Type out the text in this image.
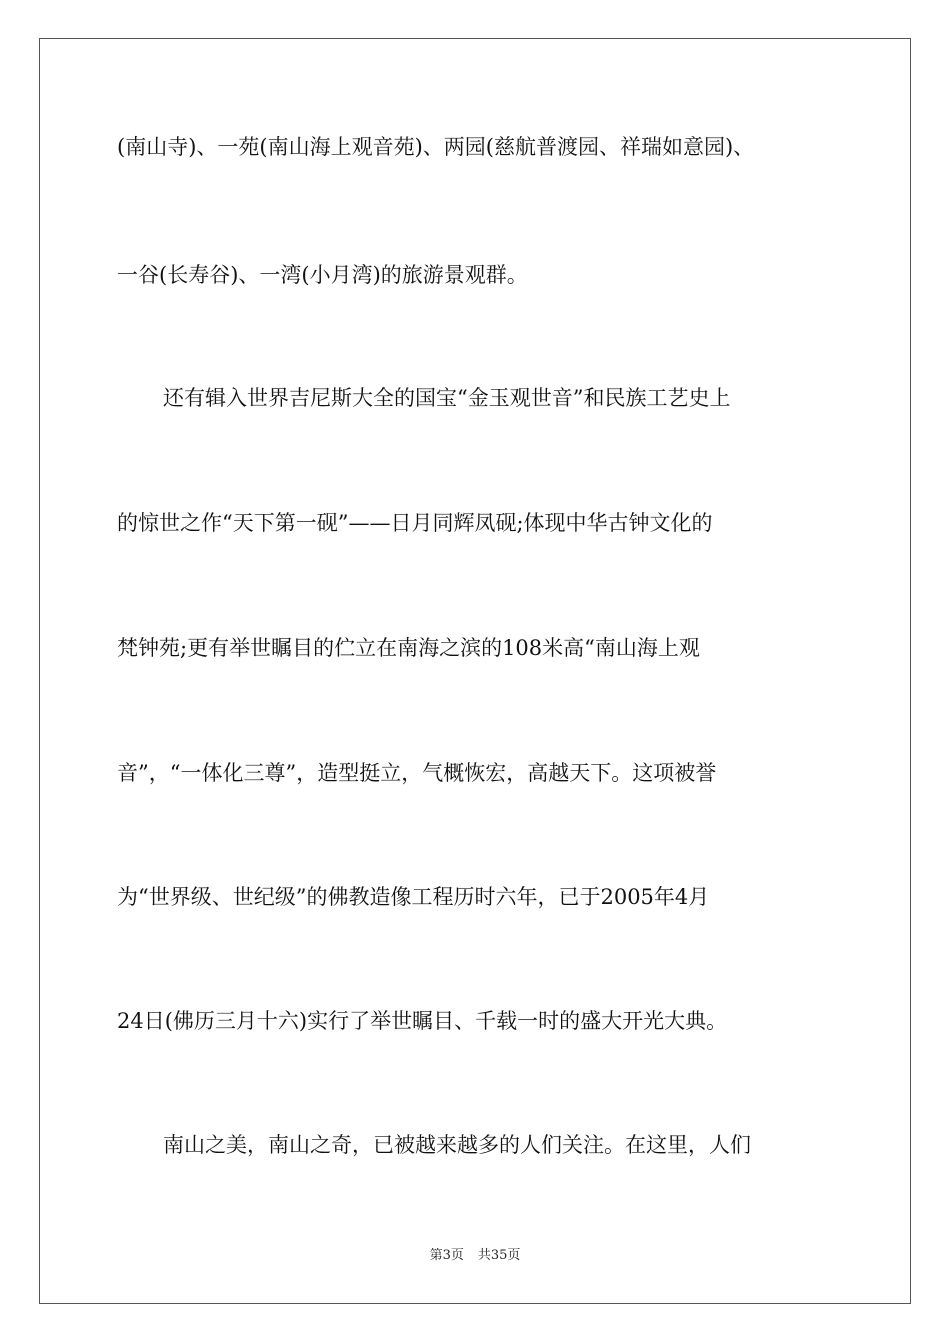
(南山寺)、一苑(南山海上观音苑)、两园(慈航普渡园、祥瑞如意园)、
一谷(长寿谷)、一湾(小月湾)的旅游景观群。
还有辑入世界吉尼斯大全的国宝“金玉观世音”和民族工艺史上
的惊世之作“天下第一砚”——日月同辉凤砚;体现中华古钟文化的
梵钟苑;更有举世瞩目的伫立在南海之滨的108米高“南山海上观
音”，“一体化三尊”，造型挺立，气概恢宏，高越天下。这项被誉
为“世界级、世纪级”的佛教造像工程历时六年，已于2005年4月
24日(佛历三月十六)实行了举世瞩目、千载一时的盛大开光大典。
南山之美，南山之奇，已被越来越多的人们关注。在这里，人们
第3页 共35页
